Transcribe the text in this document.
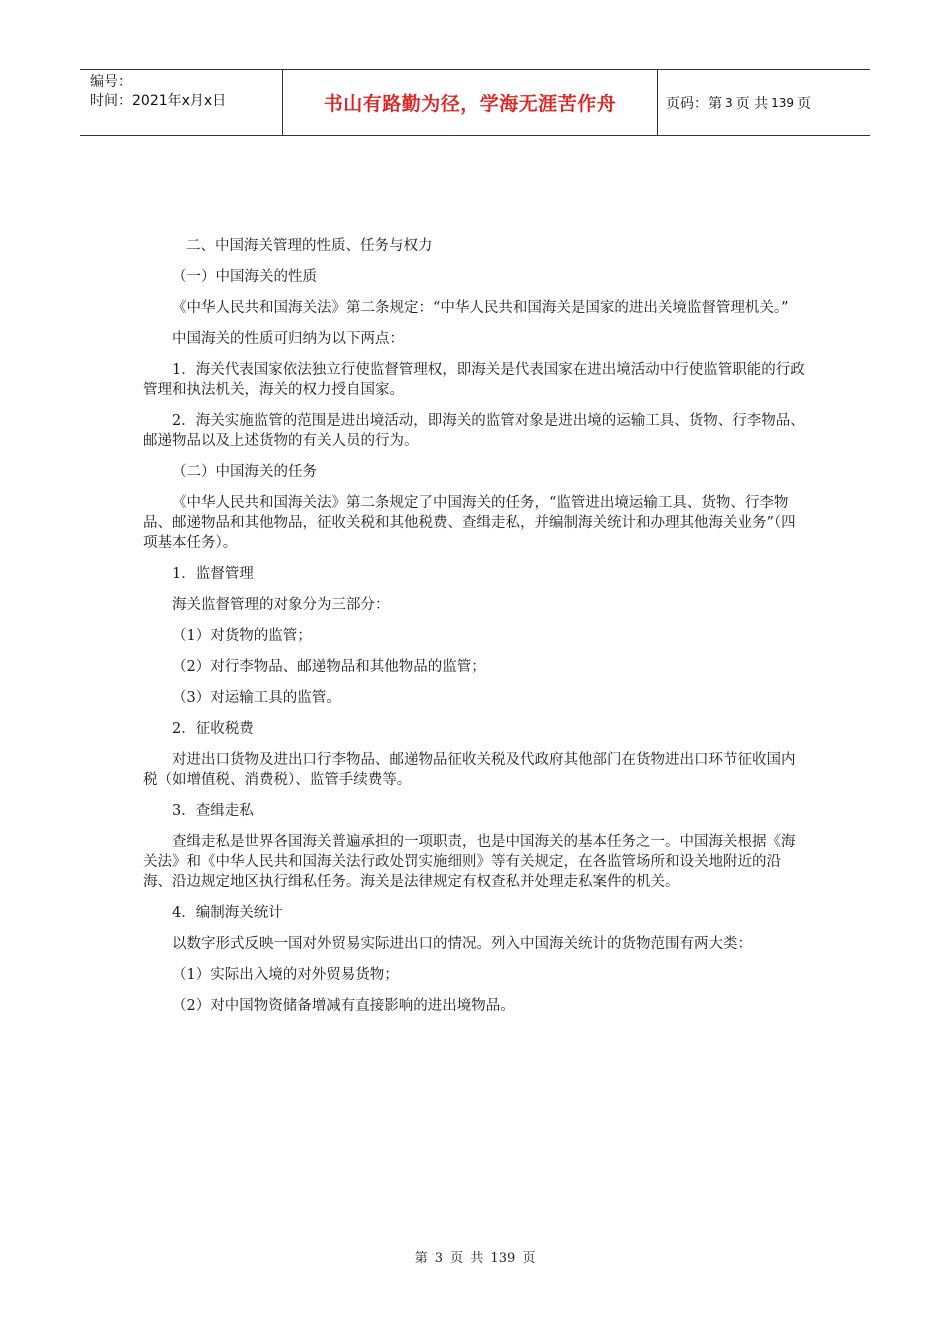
编号：
时间：2021年x月x日	书山有路勤为径，学海无涯苦作舟	页码：第 3 页 共 139 页

二、中国海关管理的性质、任务与权力

（一）中国海关的性质

《中华人民共和国海关法》第二条规定：“中华人民共和国海关是国家的进出关境监督管理机关。”

中国海关的性质可归纳为以下两点：

1．海关代表国家依法独立行使监督管理权，即海关是代表国家在进出境活动中行使监管职能的行政管理和执法机关，海关的权力授自国家。

2．海关实施监管的范围是进出境活动，即海关的监管对象是进出境的运输工具、货物、行李物品、邮递物品以及上述货物的有关人员的行为。

（二）中国海关的任务

《中华人民共和国海关法》第二条规定了中国海关的任务，“监管进出境运输工具、货物、行李物品、邮递物品和其他物品，征收关税和其他税费、查缉走私，并编制海关统计和办理其他海关业务”（四项基本任务）。

1．监督管理

海关监督管理的对象分为三部分：

（1）对货物的监管；

（2）对行李物品、邮递物品和其他物品的监管；

（3）对运输工具的监管。

2．征收税费

对进出口货物及进出口行李物品、邮递物品征收关税及代政府其他部门在货物进出口环节征收国内税（如增值税、消费税）、监管手续费等。

3．查缉走私

查缉走私是世界各国海关普遍承担的一项职责，也是中国海关的基本任务之一。中国海关根据《海关法》和《中华人民共和国海关法行政处罚实施细则》等有关规定，在各监管场所和设关地附近的沿海、沿边规定地区执行缉私任务。海关是法律规定有权查私并处理走私案件的机关。

4．编制海关统计

以数字形式反映一国对外贸易实际进出口的情况。列入中国海关统计的货物范围有两大类：

（1）实际出入境的对外贸易货物；

（2）对中国物资储备增减有直接影响的进出境物品。

第 3 页 共 139 页
